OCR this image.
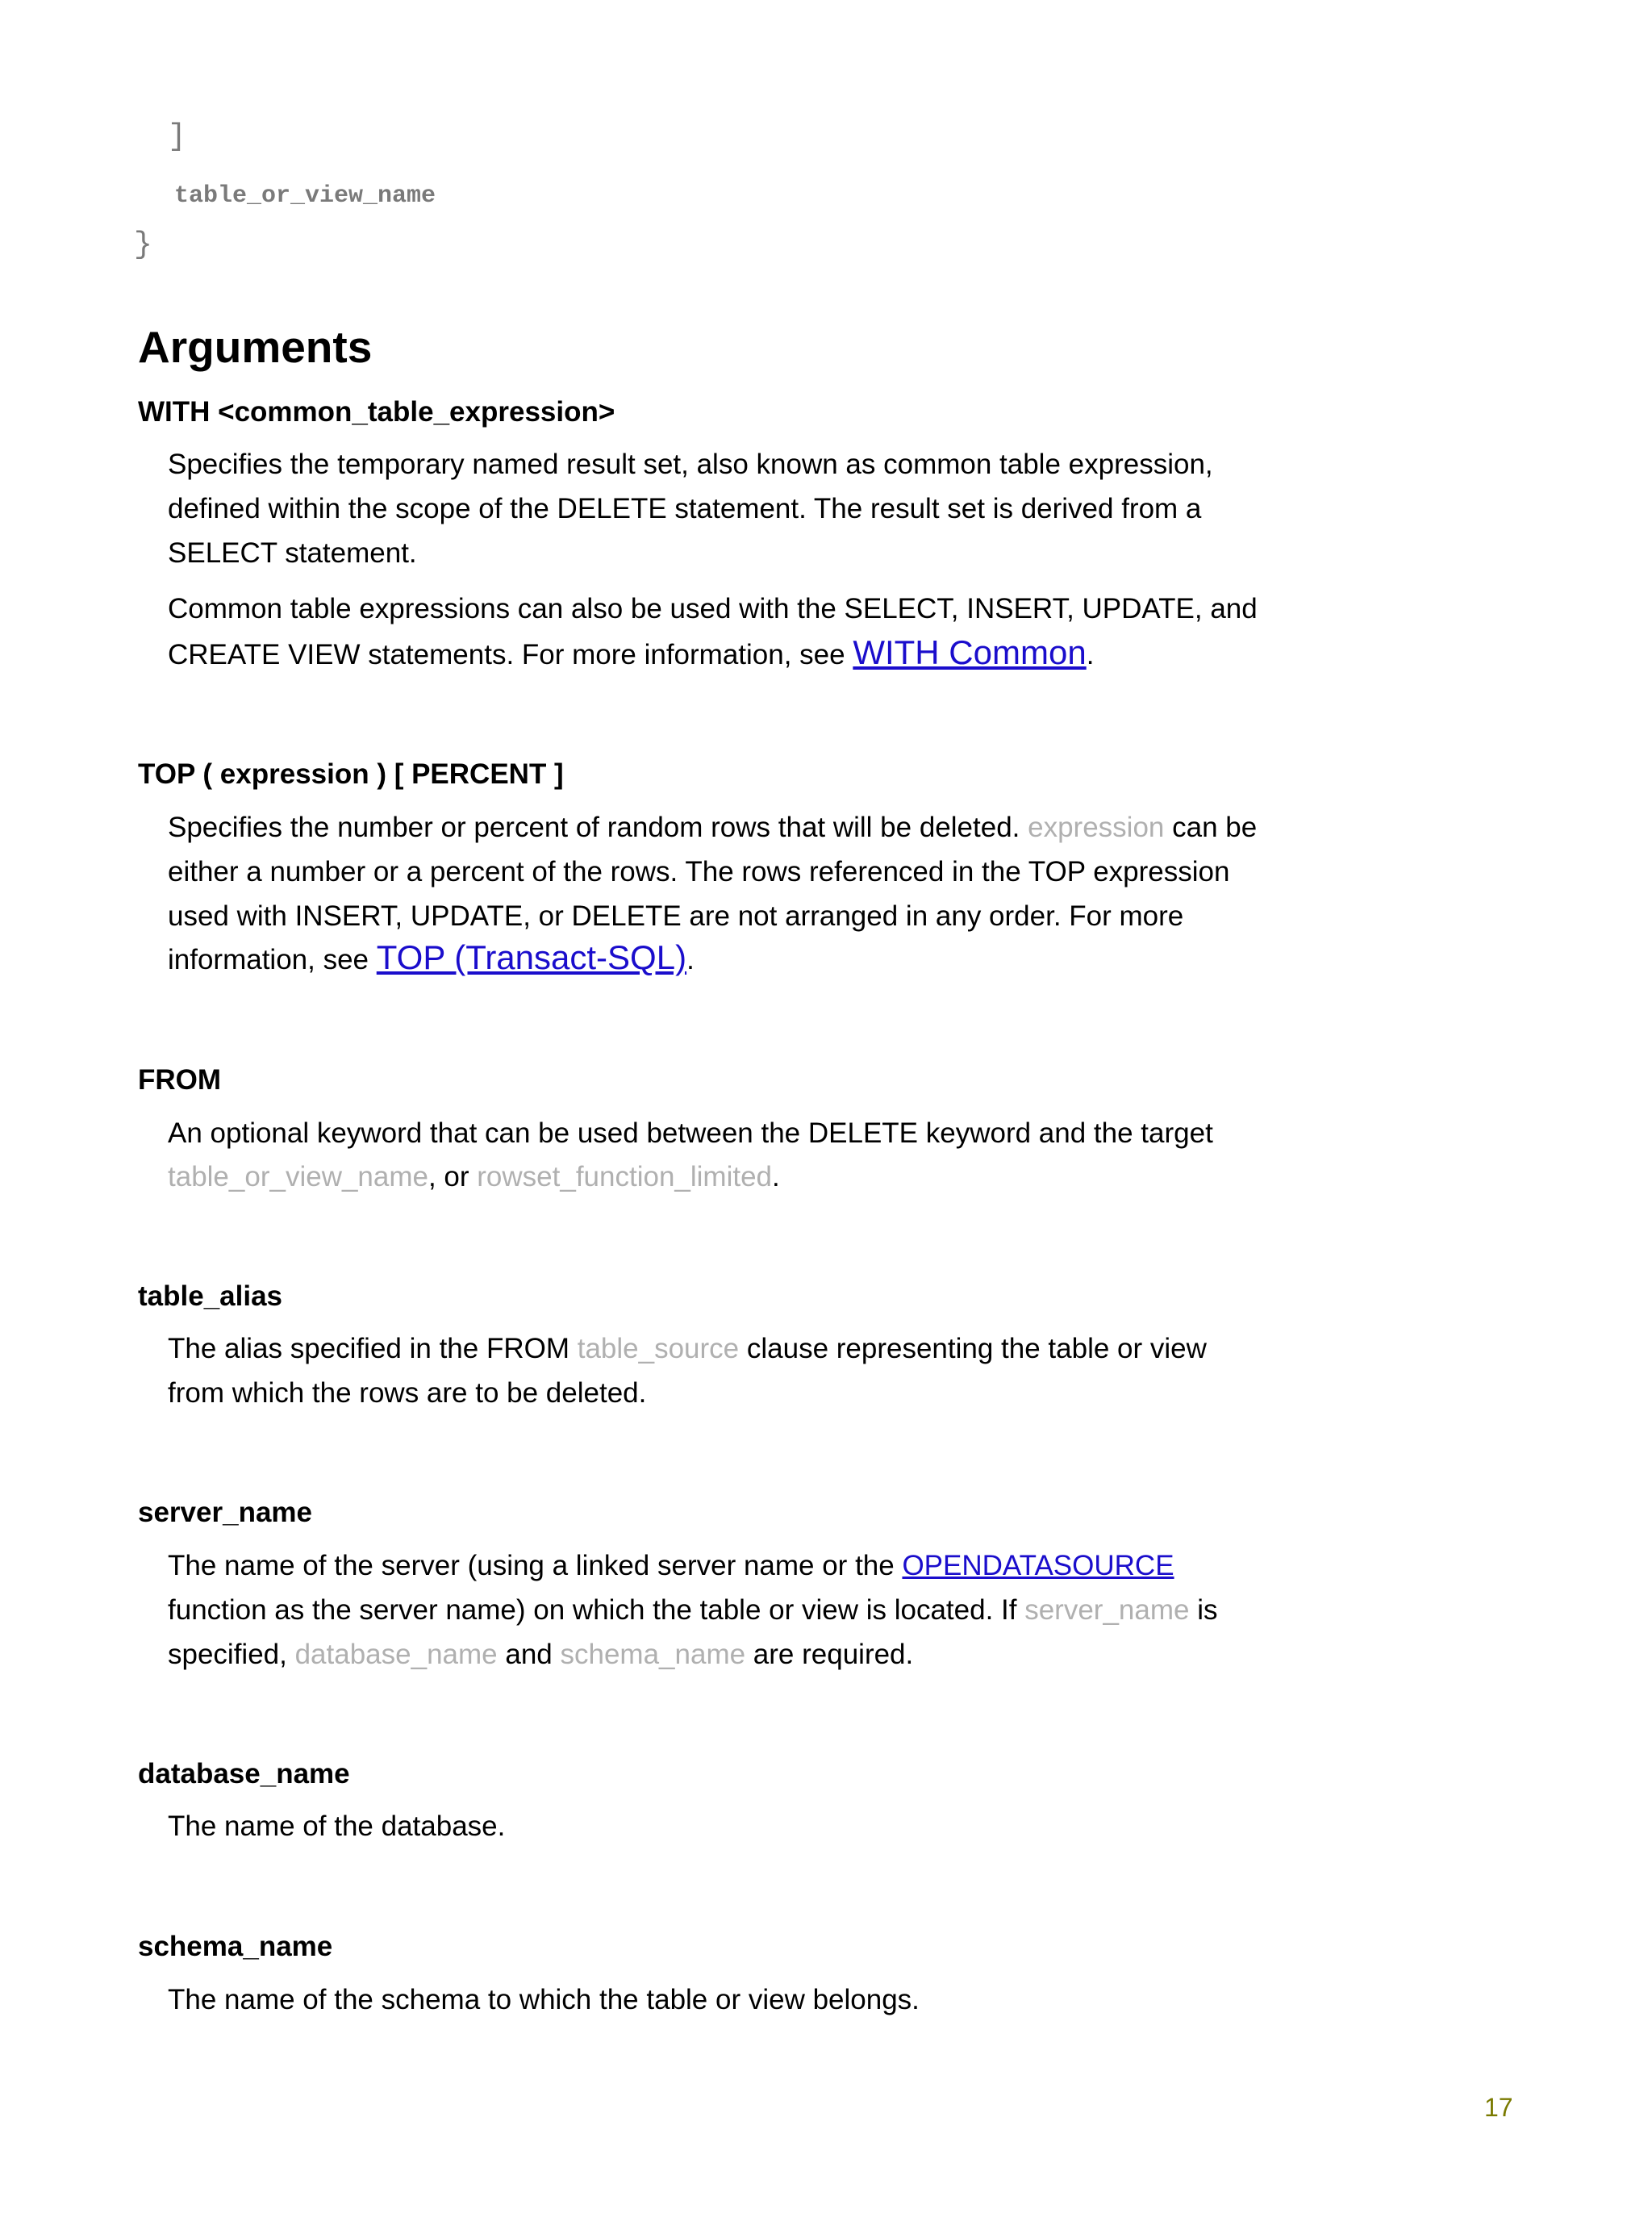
]
table_or_view_name
}
Arguments
WITH <common_table_expression>
Specifies the temporary named result set, also known as common table expression,
defined within the scope of the DELETE statement. The result set is derived from a
SELECT statement.
Common table expressions can also be used with the SELECT, INSERT, UPDATE, and
CREATE VIEW statements. For more information, see WITH Common.
TOP ( expression ) [ PERCENT ]
Specifies the number or percent of random rows that will be deleted. expression can be
either a number or a percent of the rows. The rows referenced in the TOP expression
used with INSERT, UPDATE, or DELETE are not arranged in any order. For more
information, see TOP (Transact-SQL).
FROM
An optional keyword that can be used between the DELETE keyword and the target
table_or_view_name, or rowset_function_limited.
table_alias
The alias specified in the FROM table_source clause representing the table or view
from which the rows are to be deleted.
server_name
The name of the server (using a linked server name or the OPENDATASOURCE
function as the server name) on which the table or view is located. If server_name is
specified, database_name and schema_name are required.
database_name
The name of the database.
schema_name
The name of the schema to which the table or view belongs.
17
